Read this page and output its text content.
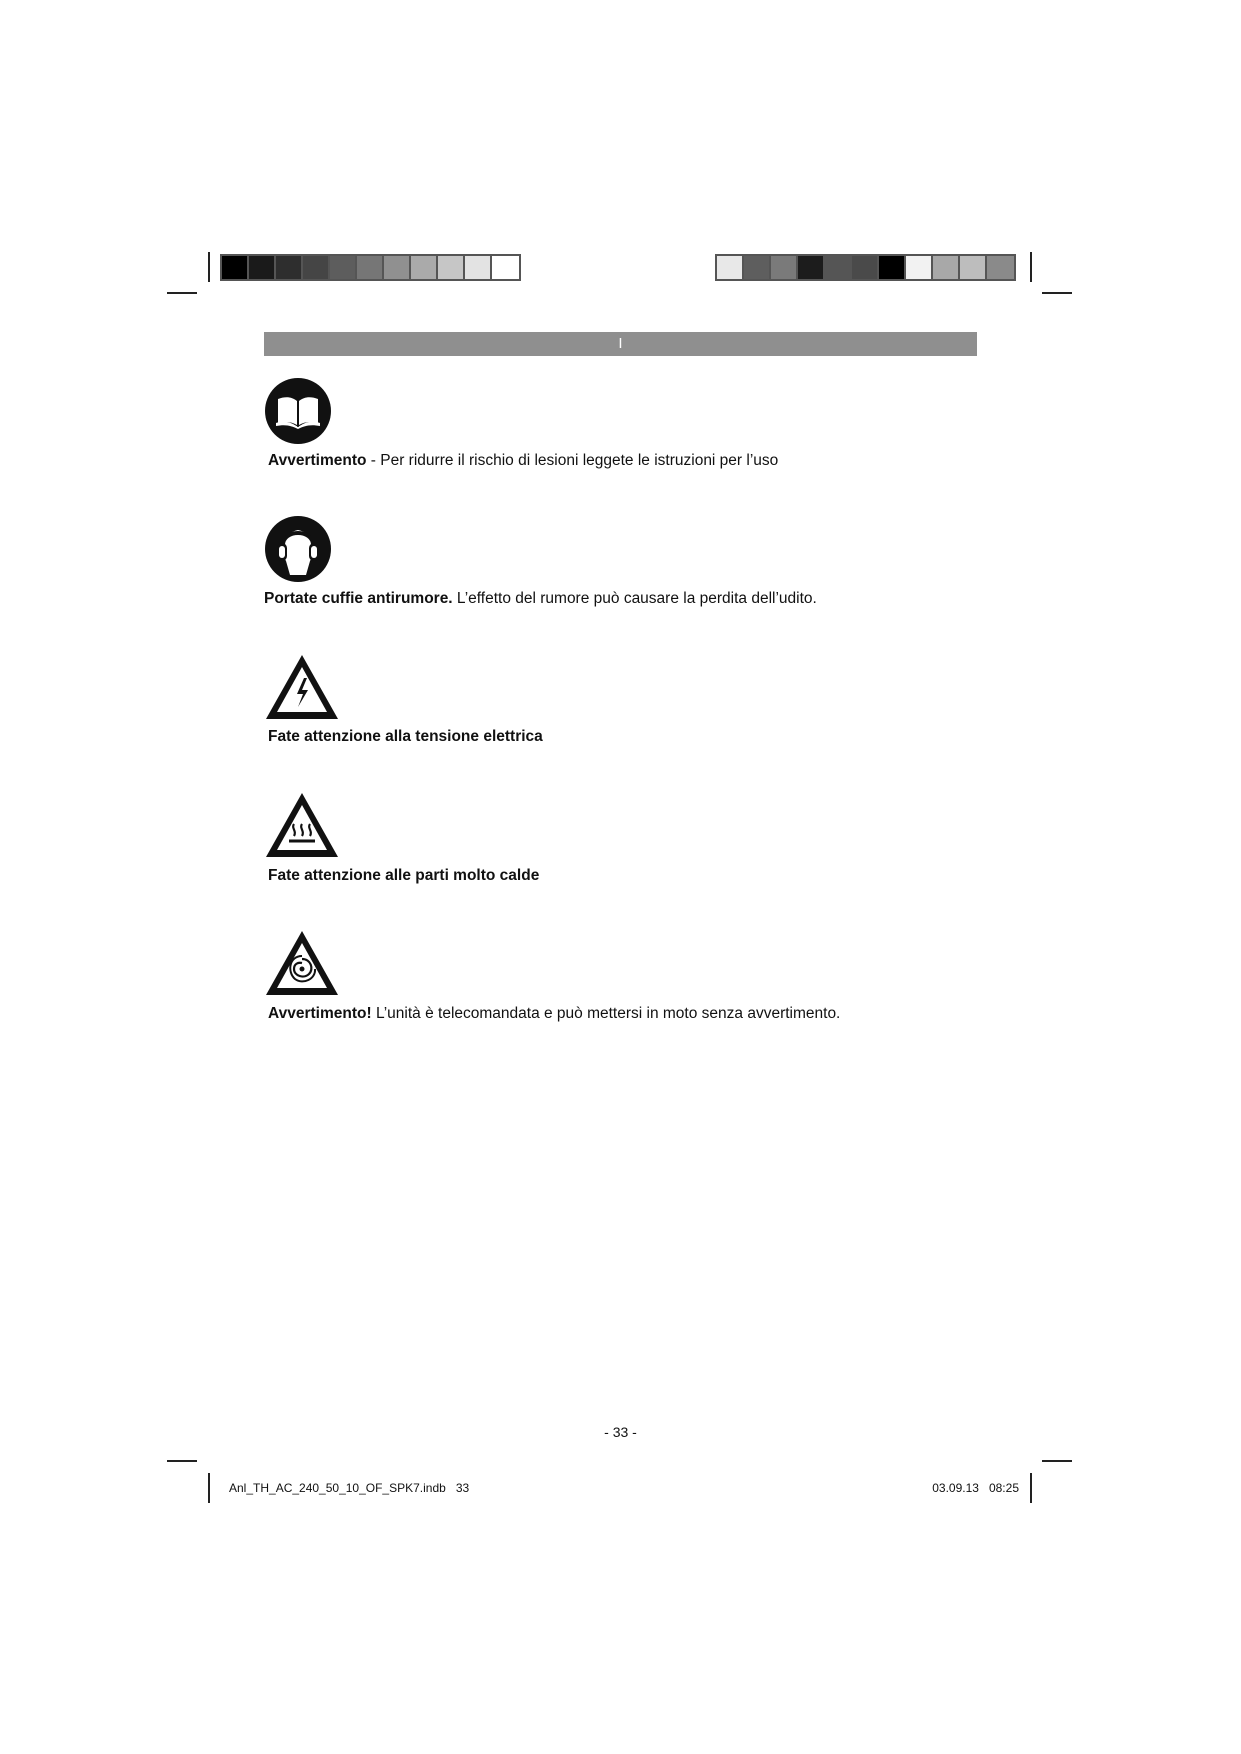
I
Avvertimento - Per ridurre il rischio di lesioni leggete le istruzioni per l’uso
Portate cuffie antirumore. L’effetto del rumore può causare la perdita dell’udito.
Fate attenzione alla tensione elettrica
Fate attenzione alle parti molto calde
Avvertimento! L’unità è telecomandata e può mettersi in moto senza avvertimento.
- 33 -
Anl_TH_AC_240_50_10_OF_SPK7.indb   33	03.09.13   08:25
